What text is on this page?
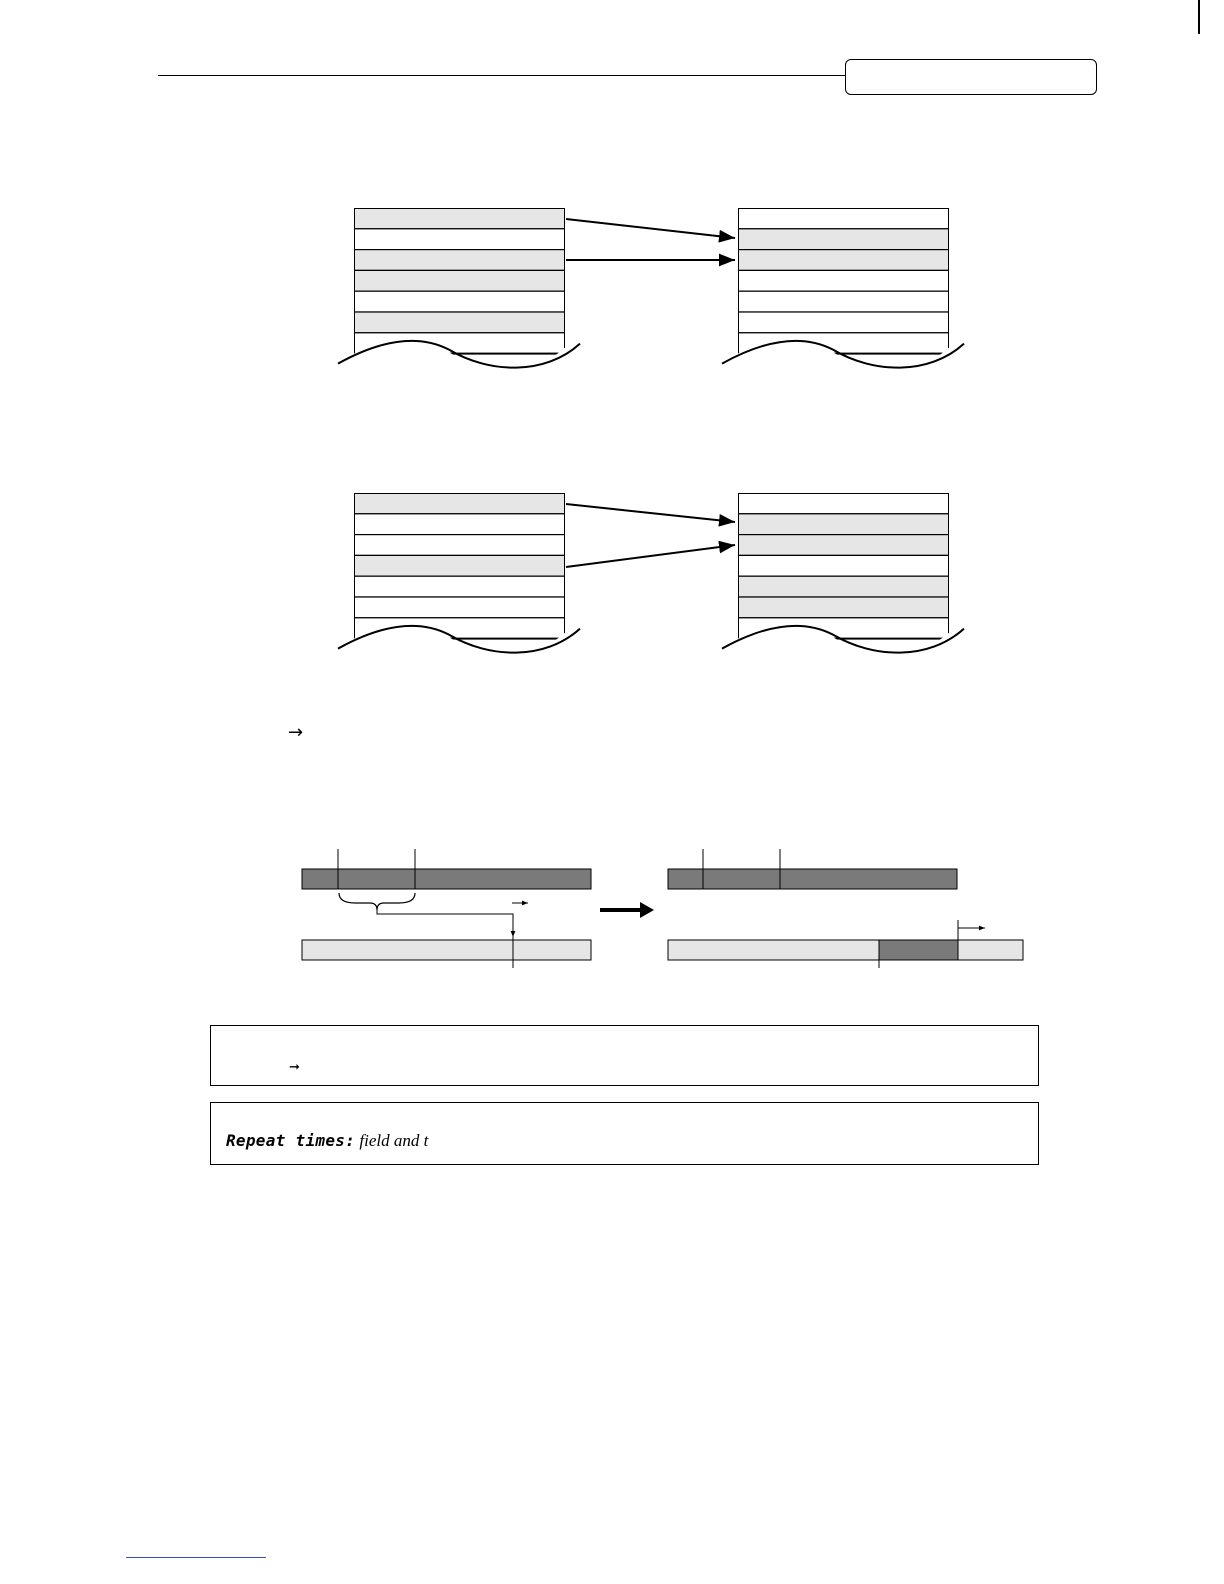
→
➞
Repeat times: field and t
